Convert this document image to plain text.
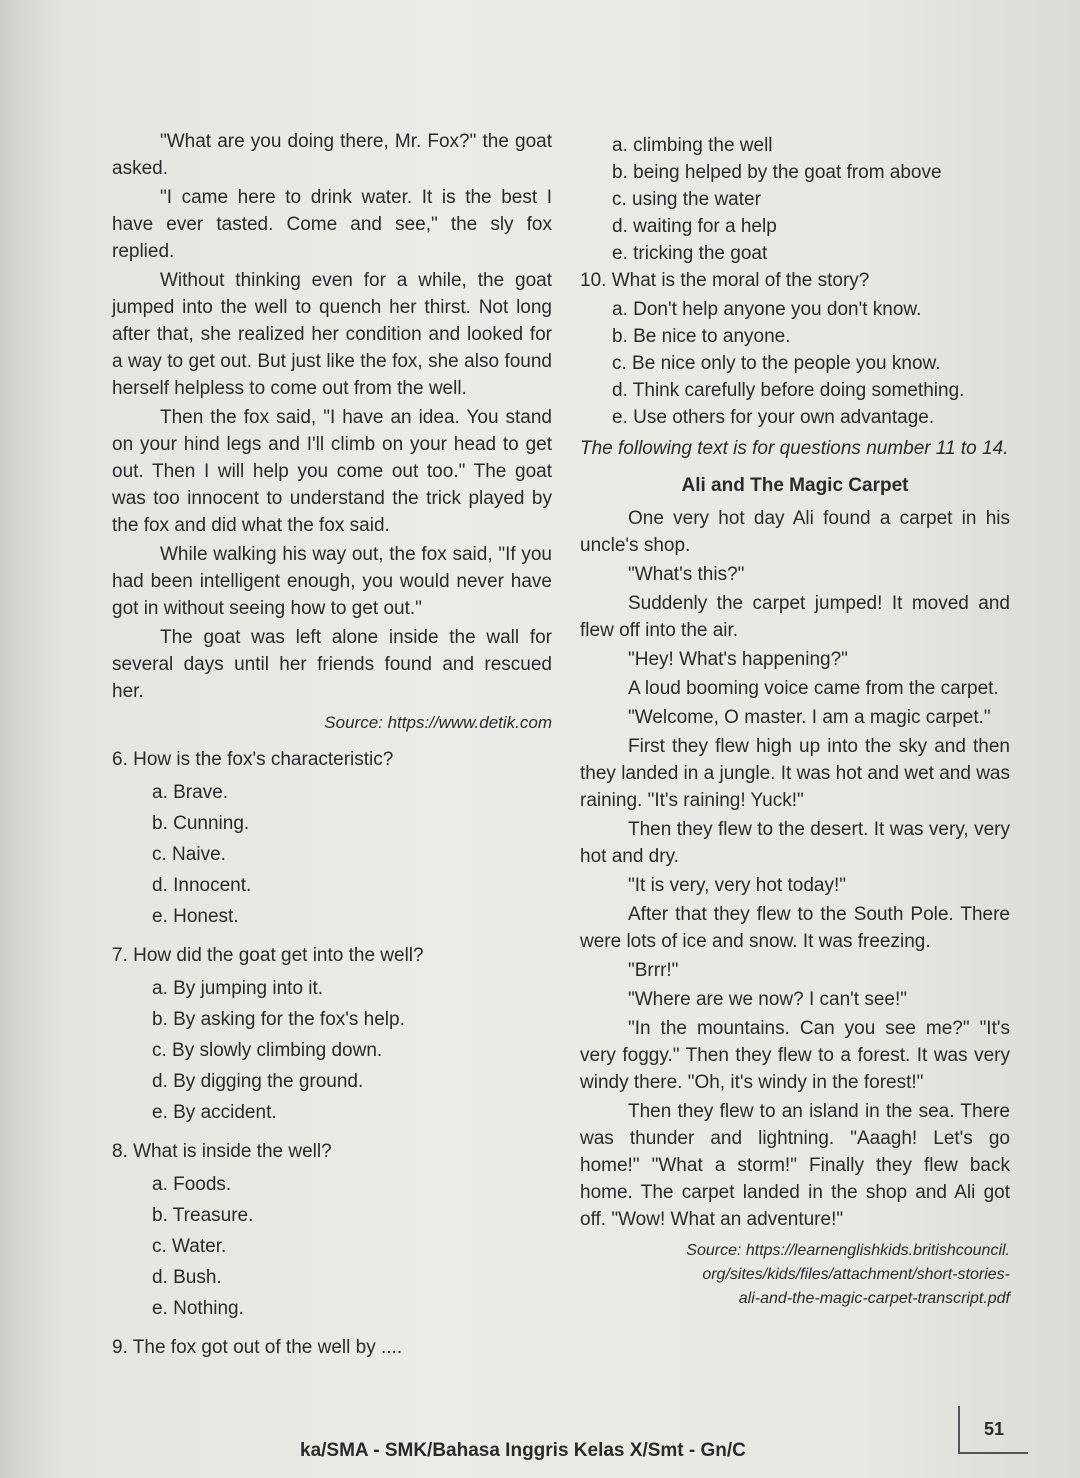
"What are you doing there, Mr. Fox?" the goat asked.

"I came here to drink water. It is the best I have ever tasted. Come and see," the sly fox replied.

Without thinking even for a while, the goat jumped into the well to quench her thirst. Not long after that, she realized her condition and looked for a way to get out. But just like the fox, she also found herself helpless to come out from the well.

Then the fox said, "I have an idea. You stand on your hind legs and I'll climb on your head to get out. Then I will help you come out too." The goat was too innocent to understand the trick played by the fox and did what the fox said.

While walking his way out, the fox said, "If you had been intelligent enough, you would never have got in without seeing how to get out."

The goat was left alone inside the wall for several days until her friends found and rescued her.

Source: https://www.detik.com
6. How is the fox's characteristic?
a. Brave.
b. Cunning.
c. Naive.
d. Innocent.
e. Honest.
7. How did the goat get into the well?
a. By jumping into it.
b. By asking for the fox's help.
c. By slowly climbing down.
d. By digging the ground.
e. By accident.
8. What is inside the well?
a. Foods.
b. Treasure.
c. Water.
d. Bush.
e. Nothing.
9. The fox got out of the well by ....
a. climbing the well
b. being helped by the goat from above
c. using the water
d. waiting for a help
e. tricking the goat
10. What is the moral of the story?
a. Don't help anyone you don't know.
b. Be nice to anyone.
c. Be nice only to the people you know.
d. Think carefully before doing something.
e. Use others for your own advantage.

The following text is for questions number 11 to 14.

Ali and The Magic Carpet

One very hot day Ali found a carpet in his uncle's shop.

"What's this?"

Suddenly the carpet jumped! It moved and flew off into the air.

"Hey! What's happening?"

A loud booming voice came from the carpet.

"Welcome, O master. I am a magic carpet."

First they flew high up into the sky and then they landed in a jungle. It was hot and wet and was raining. "It's raining! Yuck!"

Then they flew to the desert. It was very, very hot and dry.

"It is very, very hot today!"

After that they flew to the South Pole. There were lots of ice and snow. It was freezing.

"Brrr!"

"Where are we now? I can't see!"

"In the mountains. Can you see me?" "It's very foggy." Then they flew to a forest. It was very windy there. "Oh, it's windy in the forest!"

Then they flew to an island in the sea. There was thunder and lightning. "Aaagh! Let's go home!" "What a storm!" Finally they flew back home. The carpet landed in the shop and Ali got off. "Wow! What an adventure!"

Source: https://learnenglishkids.britishcouncil.
org/sites/kids/files/attachment/short-stories-
ali-and-the-magic-carpet-transcript.pdf
51
ka/SMA - SMK/Bahasa Inggris Kelas X/Smt - Gn/C
